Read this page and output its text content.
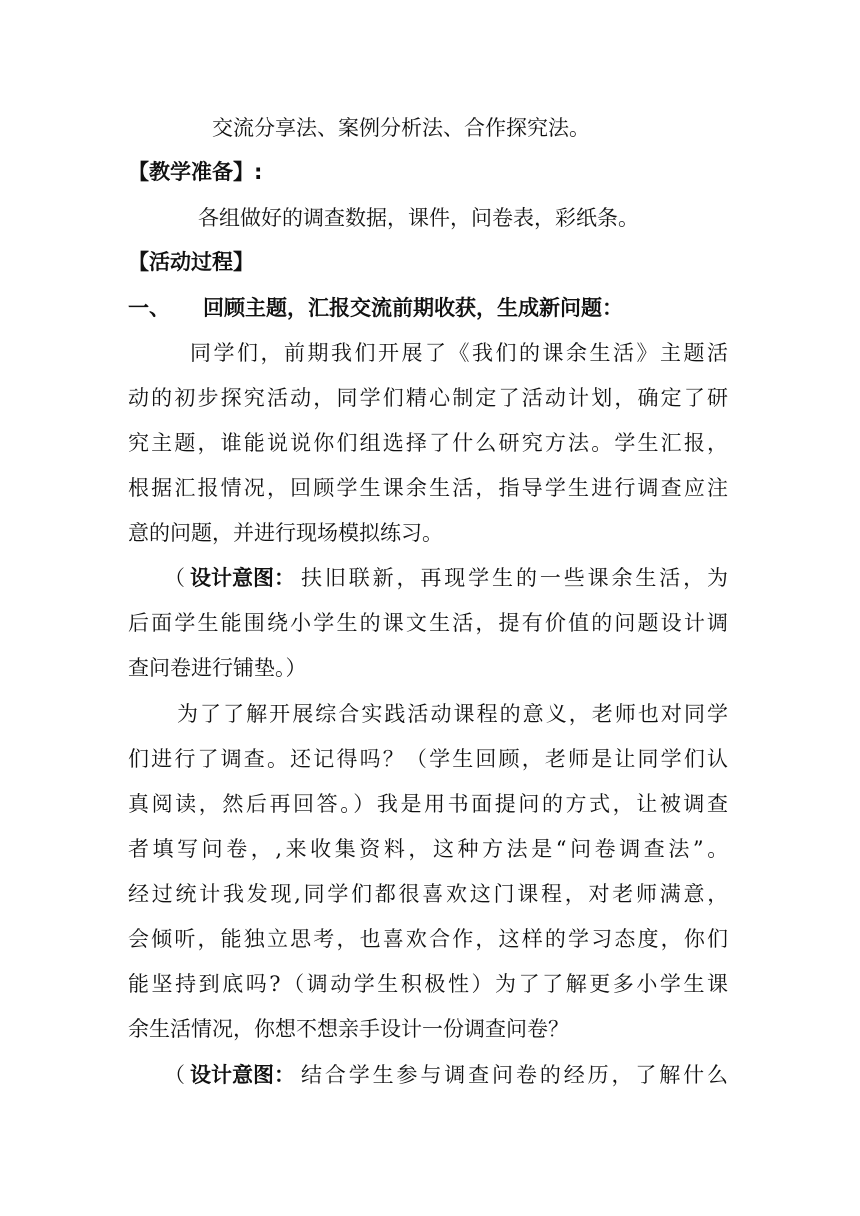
交流分享法、案例分析法、合作探究法。
【教学准备】:
各组做好的调查数据，课件，问卷表，彩纸条。
【活动过程】
一、 回顾主题，汇报交流前期收获，生成新问题：
同学们，前期我们开展了《我们的课余生活》主题活
动的初步探究活动，同学们精心制定了活动计划，确定了研
究主题，谁能说说你们组选择了什么研究方法。学生汇报，
根据汇报情况，回顾学生课余生活，指导学生进行调查应注
意的问题，并进行现场模拟练习。
（ 设计意图： 扶旧联新，再现学生的一些课余生活，为
后面学生能围绕小学生的课文生活，提有价值的问题设计调
查问卷进行铺垫。）
为了了解开展综合实践活动课程的意义，老师也对同学
们进行了调查。还记得吗？（学生回顾，老师是让同学们认
真阅读，然后再回答。）我是用书面提问的方式，让被调查
者填写问卷，,来收集资料，这种方法是“问卷调查法”。
经过统计我发现,同学们都很喜欢这门课程，对老师满意，
会倾听，能独立思考，也喜欢合作，这样的学习态度，你们
能坚持到底吗?（调动学生积极性）为了了解更多小学生课
余生活情况，你想不想亲手设计一份调查问卷？
（ 设计意图： 结合学生参与调查问卷的经历，了解什么
